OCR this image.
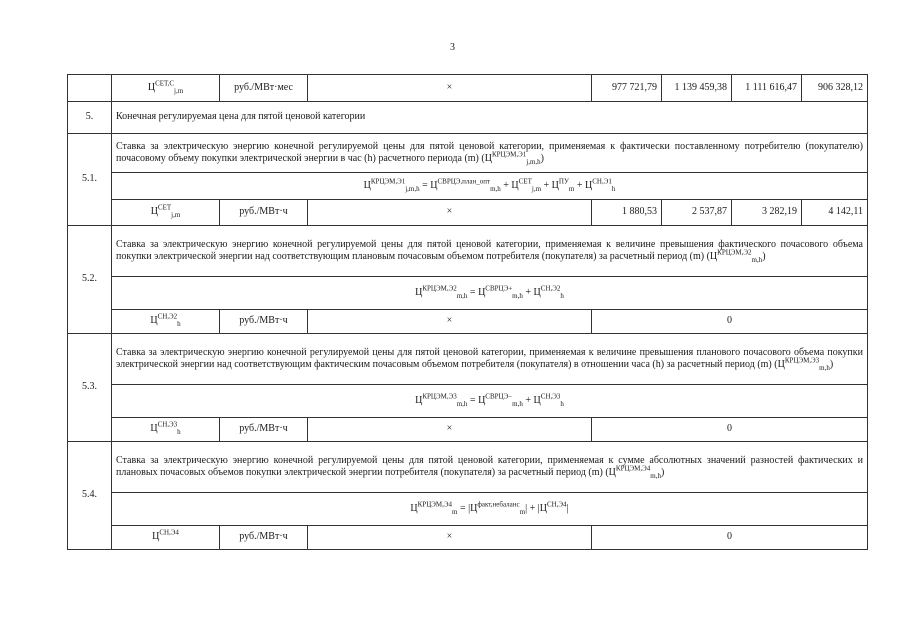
3
	$Ц^{СЕТ,С}_{j,m}$	руб./МВт·мес	×	977 721,79	1 139 459,38	1 111 616,47	906 328,12
5.	Конечная регулируемая цена для пятой ценовой категории						
5.1.	Ставка за электрическую энергию конечной регулируемой цены для пятой ценовой категории, применяемая к фактически поставленному потребителю (покупателю) почасовому объему покупки электрической энергии в час (h) расчетного периода (m) $(Ц^{КРЦЭМ,Э1}_{j,m,h})$						
	$Ц^{КРЦЭМ,Э1}_{j,m,h} = Ц^{СВРЦЭ,план\_опт}_{m,h} + Ц^{СЕТ}_{j,m} + Ц^{ПУ}_m + Ц^{СН,Э1}_h$
	$Ц^{СЕТ}_{j,m}$	руб./МВт·ч	×	1 880,53	2 537,87	3 282,19	4 142,11
5.2.	Ставка за электрическую энергию конечной регулируемой цены для пятой ценовой категории, применяемая к величине превышения фактического почасового объема покупки электрической энергии над соответствующим плановым почасовым объемом потребителя (покупателя) за расчетный период (m) $(Ц^{КРЦЭМ,Э2}_{m,h})$						
	$Ц^{КРЦЭМ,Э2}_{m,h} = Ц^{СВРЦЭ+}_{m,h} + Ц^{СН,Э2}_h$
	$Ц^{СН,Э2}_h$	руб./МВт·ч	×	0			
5.3.	Ставка за электрическую энергию конечной регулируемой цены для пятой ценовой категории, применяемая к величине превышения планового почасового объема покупки электрической энергии над соответствующим фактическим почасовым объемом потребителя (покупателя) в отношении часа (h) за расчетный период (m) $(Ц^{КРЦЭМ,Э3}_{m,h})$						
	$Ц^{КРЦЭМ,Э3}_{m,h} = Ц^{СВРЦЭ-}_{m,h} + Ц^{СН,Э3}_h$
	$Ц^{СН,Э3}_h$	руб./МВт·ч	×	0			
5.4.	Ставка за электрическую энергию конечной регулируемой цены для пятой ценовой категории, применяемая к сумме абсолютных значений разностей фактических и плановых почасовых объемов покупки электрической энергии потребителя (покупателя) за расчетный период (m) $(Ц^{КРЦЭМ,Э4}_{m,h})$						
	$Ц^{КРЦЭМ,Э4}_m = |Ц^{факт,небаланс}_m| + |Ц^{СН,Э4}|$						
	$Ц^{СН,Э4}$	руб./МВт·ч	×	0			
